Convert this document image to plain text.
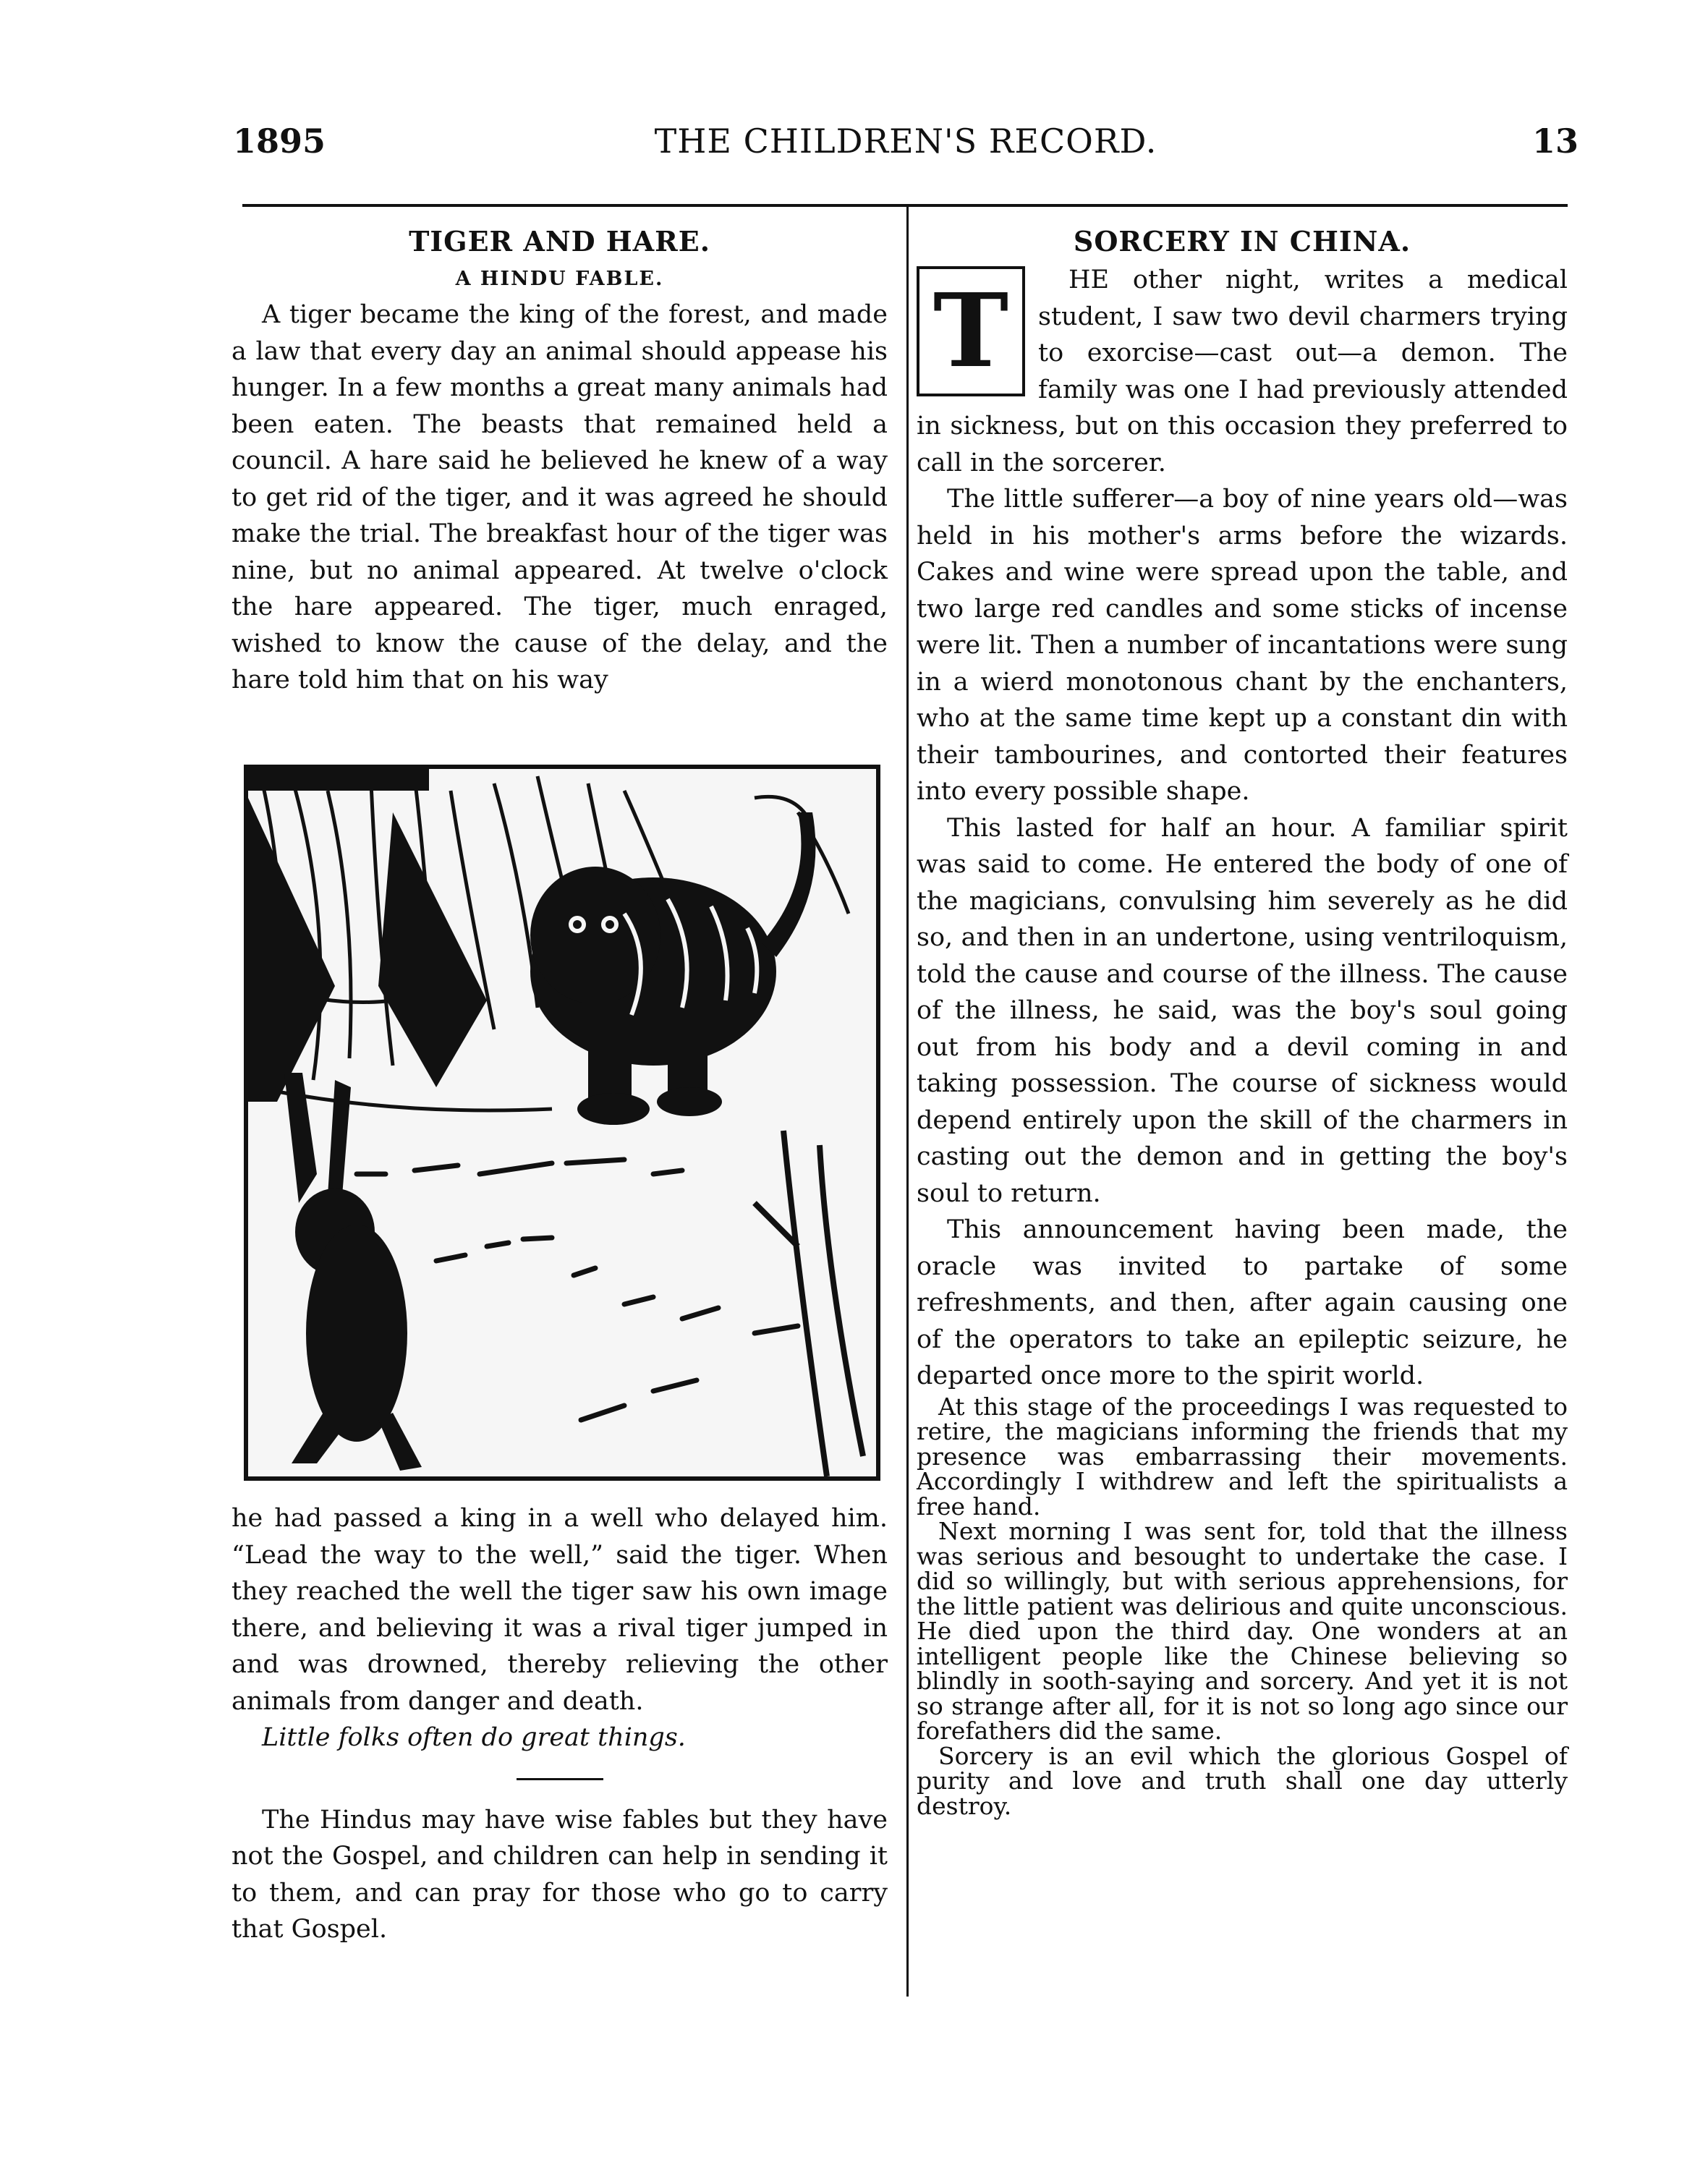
1895	THE CHILDREN'S RECORD.	13
TIGER AND HARE.
A HINDU FABLE.

A tiger became the king of the forest, and made a law that every day an animal should appease his hunger. In a few months a great many animals had been eaten. The beasts that remained held a council. A hare said he believed he knew of a way to get rid of the tiger, and it was agreed he should make the trial. The breakfast hour of the tiger was nine, but no animal appeared. At twelve o'clock the hare appeared. The tiger, much enraged, wished to know the cause of the delay, and the hare told him that on his way

he had passed a king in a well who delayed him. “Lead the way to the well,” said the tiger. When they reached the well the tiger saw his own image there, and believing it was a rival tiger jumped in and was drowned, thereby relieving the other animals from danger and death.

Little folks often do great things.

The Hindus may have wise fables but they have not the Gospel, and children can help in sending it to them, and can pray for those who go to carry that Gospel.

SORCERY IN CHINA.
T	HE other night, writes a medical student, I saw two devil charmers trying to exorcise—cast out—a demon. The family was one I had previously attended in sickness, but on this occasion they preferred to call in the sorcerer.

The little sufferer—a boy of nine years old—was held in his mother's arms before the wizards. Cakes and wine were spread upon the table, and two large red candles and some sticks of incense were lit. Then a number of incantations were sung in a wierd monotonous chant by the enchanters, who at the same time kept up a constant din with their tambourines, and contorted their features into every possible shape.

This lasted for half an hour. A familiar spirit was said to come. He entered the body of one of the magicians, convulsing him severely as he did so, and then in an undertone, using ventriloquism, told the cause and course of the illness. The cause of the illness, he said, was the boy's soul going out from his body and a devil coming in and taking possession. The course of sickness would depend entirely upon the skill of the charmers in casting out the demon and in getting the boy's soul to return.

This announcement having been made, the oracle was invited to partake of some refreshments, and then, after again causing one of the operators to take an epileptic seizure, he departed once more to the spirit world.

At this stage of the proceedings I was requested to retire, the magicians informing the friends that my presence was embarrassing their movements. Accordingly I withdrew and left the spiritualists a free hand.

Next morning I was sent for, told that the illness was serious and besought to undertake the case. I did so willingly, but with serious apprehensions, for the little patient was delirious and quite unconscious. He died upon the third day. One wonders at an intelligent people like the Chinese believing so blindly in sooth-saying and sorcery. And yet it is not so strange after all, for it is not so long ago since our forefathers did the same.

Sorcery is an evil which the glorious Gospel of purity and love and truth shall one day utterly destroy.
